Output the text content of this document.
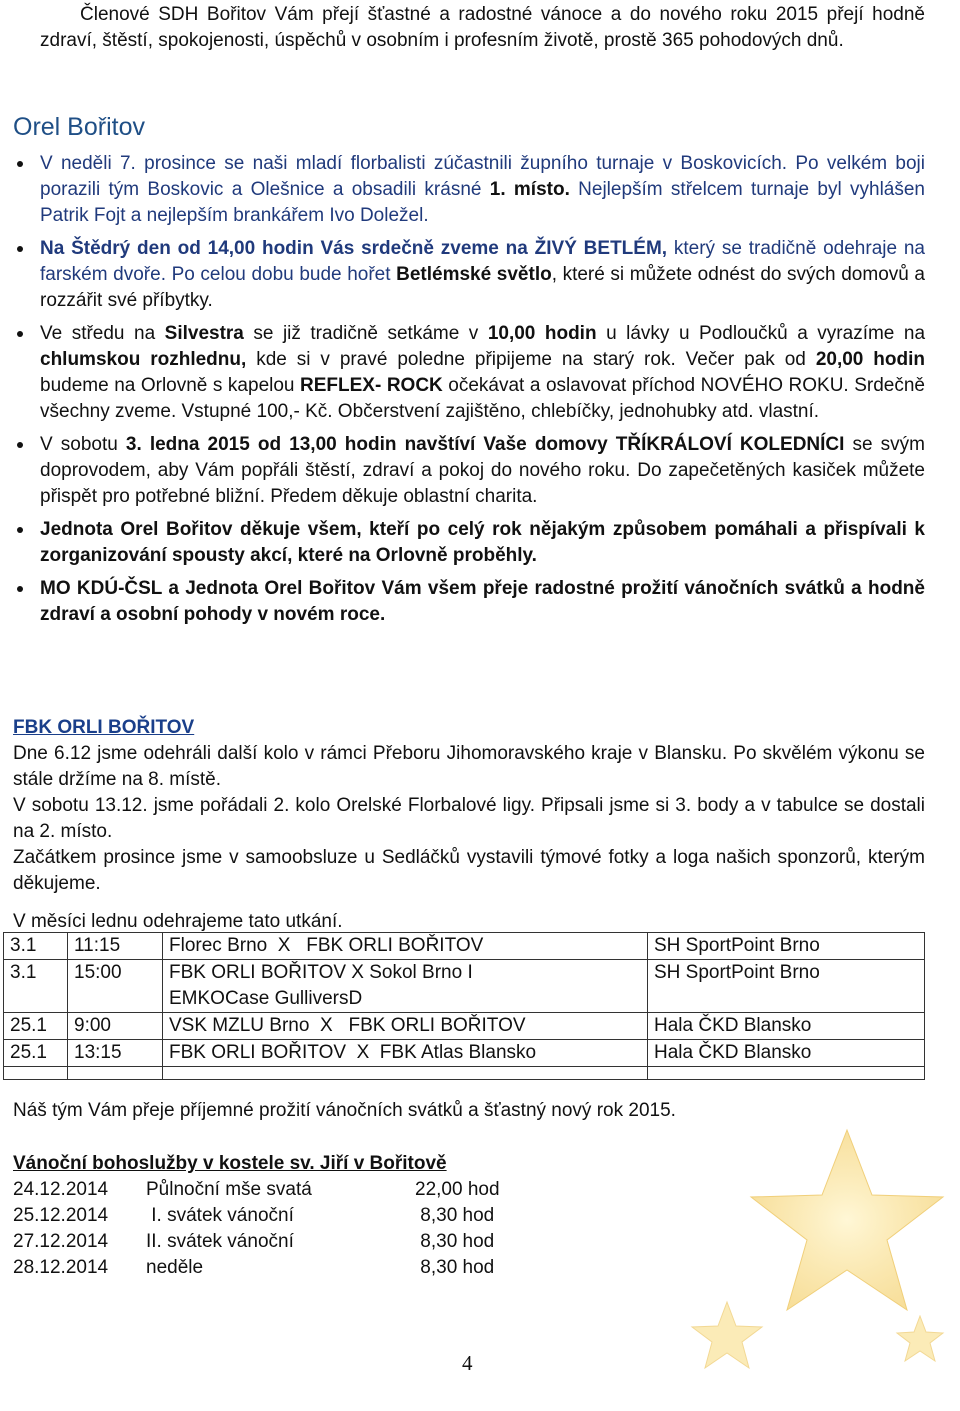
Členové SDH Bořitov Vám přejí šťastné a radostné vánoce a do nového roku 2015 přejí hodně zdraví, štěstí, spokojenosti, úspěchů v osobním i profesním životě, prostě 365 pohodových dnů.
Orel Bořitov
V neděli 7. prosince se naši mladí florbalisti zúčastnili župního turnaje v Boskovicích. Po velkém boji porazili tým Boskovic a Olešnice a obsadili krásné 1. místo. Nejlepším střelcem turnaje byl vyhlášen Patrik Fojt a nejlepším brankářem Ivo Doležel.
Na Štědrý den od 14,00 hodin Vás srdečně zveme na ŽIVÝ BETLÉM, který se tradičně odehraje na farském dvoře. Po celou dobu bude hořet Betlémské světlo, které si můžete odnést do svých domovů a rozzářit své příbytky.
Ve středu na Silvestra se již tradičně setkáme v 10,00 hodin u lávky u Podloučků a vyrazíme na chlumskou rozhlednu, kde si v pravé poledne připijeme na starý rok. Večer pak od 20,00 hodin budeme na Orlovně s kapelou REFLEX- ROCK očekávat a oslavovat příchod NOVÉHO ROKU. Srdečně všechny zveme. Vstupné 100,- Kč. Občerstvení zajištěno, chlebíčky, jednohubky atd. vlastní.
V sobotu 3. ledna 2015 od 13,00 hodin navštíví Vaše domovy TŘÍKRÁLOVÍ KOLEDNÍCI se svým doprovodem, aby Vám popřáli štěstí, zdraví a pokoj do nového roku. Do zapečetěných kasiček můžete přispět pro potřebné bližní. Předem děkuje oblastní charita.
Jednota Orel Bořitov děkuje všem, kteří po celý rok nějakým způsobem pomáhali a přispívali k zorganizování spousty akcí, které na Orlovně proběhly.
MO KDÚ-ČSL a Jednota Orel Bořitov Vám všem přeje radostné prožití vánočních svátků a hodně zdraví a osobní pohody v novém roce.
FBK ORLI BOŘITOV
Dne 6.12 jsme odehráli další kolo v rámci Přeboru Jihomoravského kraje v Blansku. Po skvělém výkonu se stále držíme na 8. místě.
V sobotu 13.12. jsme pořádali 2. kolo Orelské Florbalové ligy. Připsali jsme si 3. body a v tabulce se dostali na 2. místo.
Začátkem prosince jsme v samoobsluze u Sedláčků vystavili týmové fotky a loga našich sponzorů, kterým děkujeme.
V měsíci lednu odehrajeme tato utkání.
3.1	11:15	Florec Brno  X   FBK ORLI BOŘITOV	SH SportPoint Brno
3.1	15:00	FBK ORLI BOŘITOV X Sokol Brno I EMKOCase GulliversD	SH SportPoint Brno
25.1	9:00	VSK MZLU Brno  X   FBK ORLI BOŘITOV	Hala ČKD Blansko
25.1	13:15	FBK ORLI BOŘITOV  X  FBK Atlas Blansko	Hala ČKD Blansko

Náš tým Vám přeje příjemné prožití vánočních svátků a šťastný nový rok 2015.
Vánoční bohoslužby v kostele sv. Jiří v Bořitově
24.12.2014 Půlnoční mše svatá	22,00 hod
25.12.2014 I. svátek vánoční	8,30 hod
27.12.2014 II. svátek vánoční	8,30 hod
28.12.2014 neděle	8,30 hod
4
